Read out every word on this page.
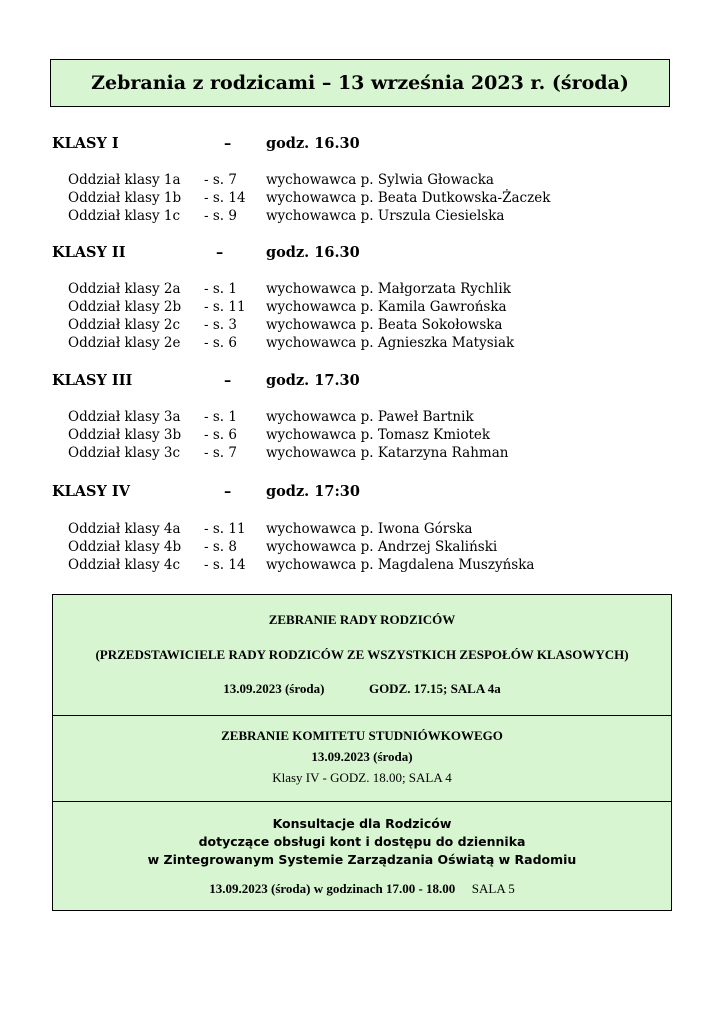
Zebrania z rodzicami – 13 września 2023 r. (środa)
KLASY I	– godz. 16.30
Oddział klasy 1a - s. 7 wychowawca p. Sylwia Głowacka
Oddział klasy 1b - s. 14 wychowawca p. Beata Dutkowska-Żaczek
Oddział klasy 1c - s. 9 wychowawca p. Urszula Ciesielska
KLASY II	–	godz. 16.30
Oddział klasy 2a - s. 1 wychowawca p. Małgorzata Rychlik
Oddział klasy 2b - s. 11 wychowawca p. Kamila Gawrońska
Oddział klasy 2c - s. 3 wychowawca p. Beata Sokołowska
Oddział klasy 2e - s. 6 wychowawca p. Agnieszka Matysiak
KLASY III	– godz. 17.30
Oddział klasy 3a - s. 1 wychowawca p. Paweł Bartnik
Oddział klasy 3b - s. 6 wychowawca p. Tomasz Kmiotek
Oddział klasy 3c - s. 7 wychowawca p. Katarzyna Rahman
KLASY IV	– godz. 17:30
Oddział klasy 4a - s. 11 wychowawca p. Iwona Górska
Oddział klasy 4b - s. 8 wychowawca p. Andrzej Skaliński
Oddział klasy 4c - s. 14 wychowawca p. Magdalena Muszyńska
ZEBRANIE RADY RODZICÓW
(PRZEDSTAWICIELE RADY RODZICÓW ZE WSZYSTKICH ZESPOŁÓW KLASOWYCH)
13.09.2023 (środa)	GODZ. 17.15; SALA 4a
ZEBRANIE KOMITETU STUDNIÓWKOWEGO
13.09.2023 (środa)
Klasy IV - GODZ. 18.00; SALA 4
Konsultacje dla Rodziców
dotyczące obsługi kont i dostępu do dziennika
w Zintegrowanym Systemie Zarządzania Oświatą w Radomiu
13.09.2023 (środa) w godzinach 17.00 - 18.00 SALA 5
